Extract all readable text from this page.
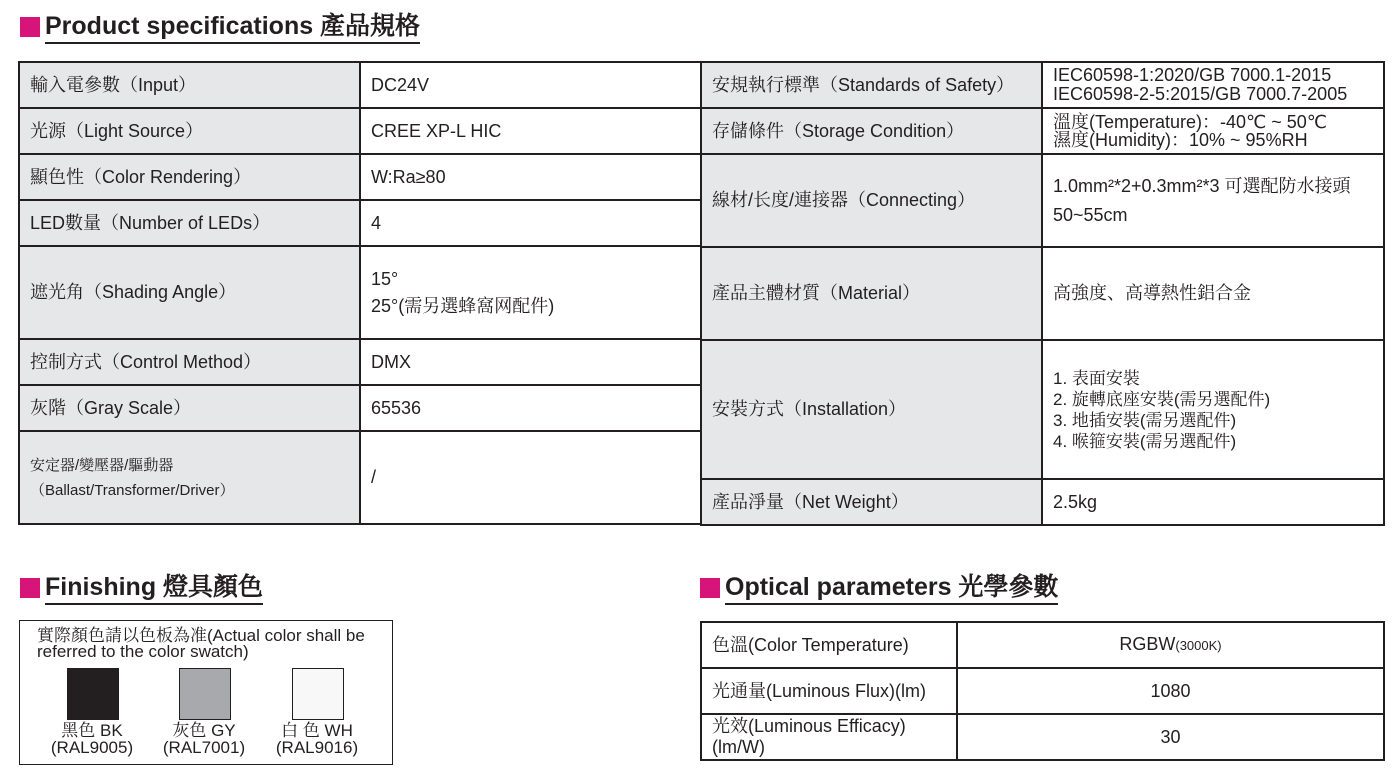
Product specifications 產品規格
輸入電參數（Input）	DC24V
光源（Light Source）	CREE XP-L HIC
顯色性（Color Rendering）	W:Ra≥80
LED數量（Number of LEDs）	4
遮光角（Shading Angle）	15°
25°(需另選蜂窩网配件)

控制方式（Control Method）	DMX
灰階（Gray Scale）	65536

安定器/變壓器/驅動器
（Ballast/Transformer/Driver）	/
安規執行標準（Standards of Safety）	IEC60598-1:2020/GB 7000.1-2015
IEC60598-2-5:2015/GB 7000.7-2005

存儲條件（Storage Condition）	溫度(Temperature)：-40℃ ~ 50℃
濕度(Humidity)：10% ~ 95%RH

線材/长度/連接器（Connecting）	1.0mm²*2+0.3mm²*3 可選配防水接頭
50~55cm

產品主體材質（Material）	高強度、高導熱性鋁合金
安裝方式（Installation）	1. 表面安裝
2. 旋轉底座安裝(需另選配件)
3. 地插安裝(需另選配件)
4. 喉箍安裝(需另選配件)

產品淨量（Net Weight）	2.5kg
Finishing 燈具顏色
實際顏色請以色板為准(Actual color shall be referred to the color swatch)
黑色 BK
(RAL9005)
灰色 GY
(RAL7001)
白 色 WH
(RAL9016)
Optical parameters 光學參數
色溫(Color Temperature)	RGBW(3000K)
光通量(Luminous Flux)(lm)	1080
光效(Luminous Efficacy)(lm/W)	30
